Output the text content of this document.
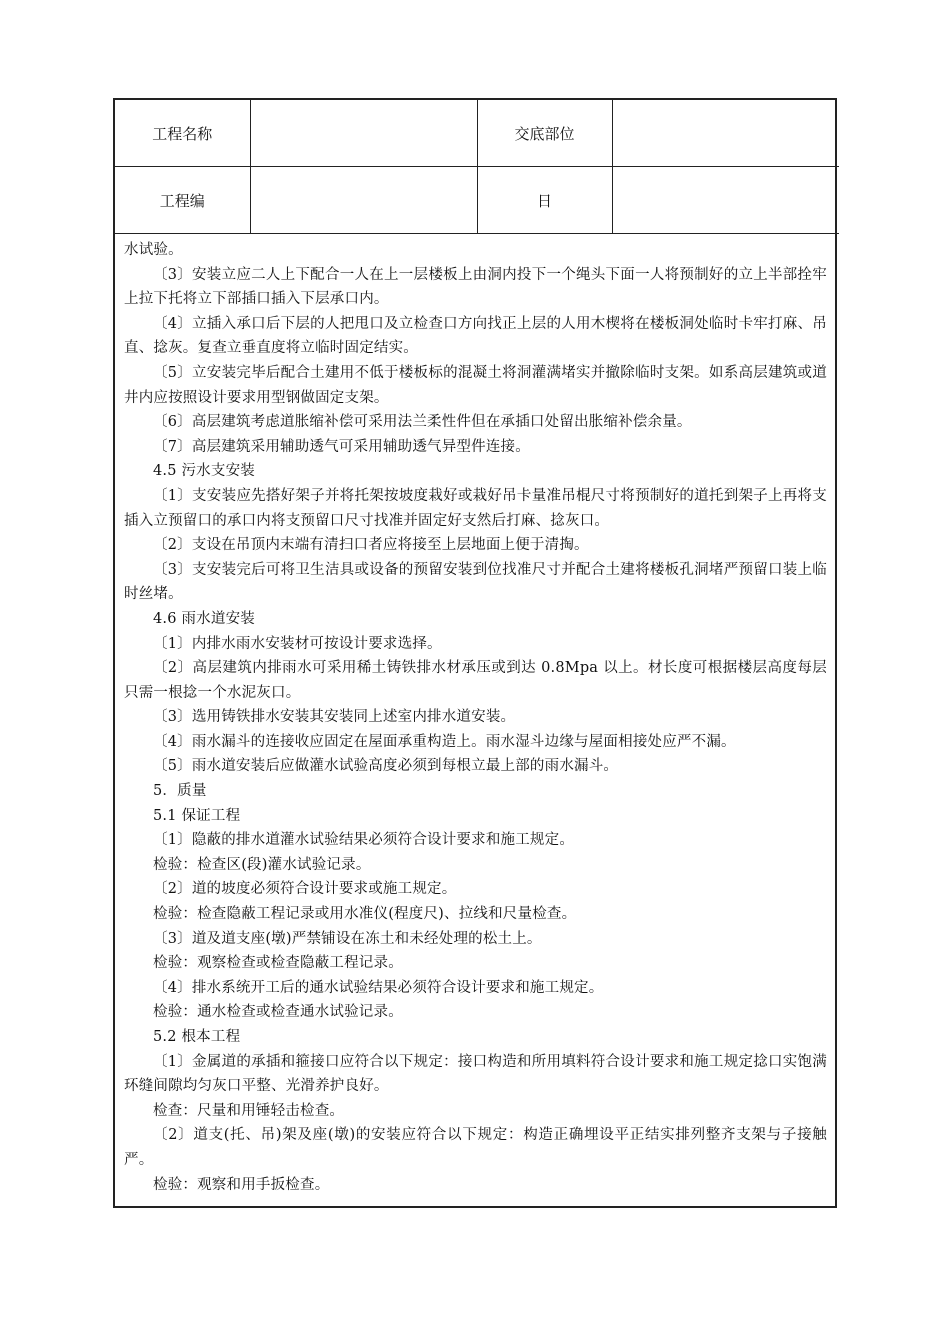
工程名称		交底部位	
工程编		日	

水试验。

〔3〕安装立应二人上下配合一人在上一层楼板上由洞内投下一个绳头下面一人将预制好的立上半部拴牢上拉下托将立下部插口插入下层承口内。

〔4〕立插入承口后下层的人把甩口及立检查口方向找正上层的人用木楔将在楼板洞处临时卡牢打麻、吊直、捻灰。复查立垂直度将立临时固定结实。

〔5〕立安装完毕后配合土建用不低于楼板标的混凝土将洞灌满堵实并撤除临时支架。如系高层建筑或道井内应按照设计要求用型钢做固定支架。

〔6〕高层建筑考虑道胀缩补偿可采用法兰柔性件但在承插口处留出胀缩补偿余量。

〔7〕高层建筑采用辅助透气可采用辅助透气异型件连接。

4.5 污水支安装

〔1〕支安装应先搭好架子并将托架按坡度栽好或栽好吊卡量准吊棍尺寸将预制好的道托到架子上再将支插入立预留口的承口内将支预留口尺寸找准并固定好支然后打麻、捻灰口。

〔2〕支设在吊顶内末端有清扫口者应将接至上层地面上便于清掏。

〔3〕支安装完后可将卫生洁具或设备的预留安装到位找准尺寸并配合土建将楼板孔洞堵严预留口装上临时丝堵。

4.6 雨水道安装

〔1〕内排水雨水安装材可按设计要求选择。

〔2〕高层建筑内排雨水可采用稀土铸铁排水材承压或到达 0.8Mpa 以上。材长度可根据楼层高度每层只需一根捻一个水泥灰口。

〔3〕选用铸铁排水安装其安装同上述室内排水道安装。

〔4〕雨水漏斗的连接收应固定在屋面承重构造上。雨水湿斗边缘与屋面相接处应严不漏。

〔5〕雨水道安装后应做灌水试验高度必须到每根立最上部的雨水漏斗。

5．质量

5.1 保证工程

〔1〕隐蔽的排水道灌水试验结果必须符合设计要求和施工规定。

检验：检查区(段)灌水试验记录。

〔2〕道的坡度必须符合设计要求或施工规定。

检验：检查隐蔽工程记录或用水准仪(程度尺)、拉线和尺量检查。

〔3〕道及道支座(墩)严禁铺设在冻土和未经处理的松土上。

检验：观察检查或检查隐蔽工程记录。

〔4〕排水系统开工后的通水试验结果必须符合设计要求和施工规定。

检验：通水检查或检查通水试验记录。

5.2 根本工程

〔1〕金属道的承插和箍接口应符合以下规定：接口构造和所用填料符合设计要求和施工规定捻口实饱满环缝间隙均匀灰口平整、光滑养护良好。

检查：尺量和用锤轻击检查。

〔2〕道支(托、吊)架及座(墩)的安装应符合以下规定：构造正确埋设平正结实排列整齐支架与子接触严。

检验：观察和用手扳检查。
